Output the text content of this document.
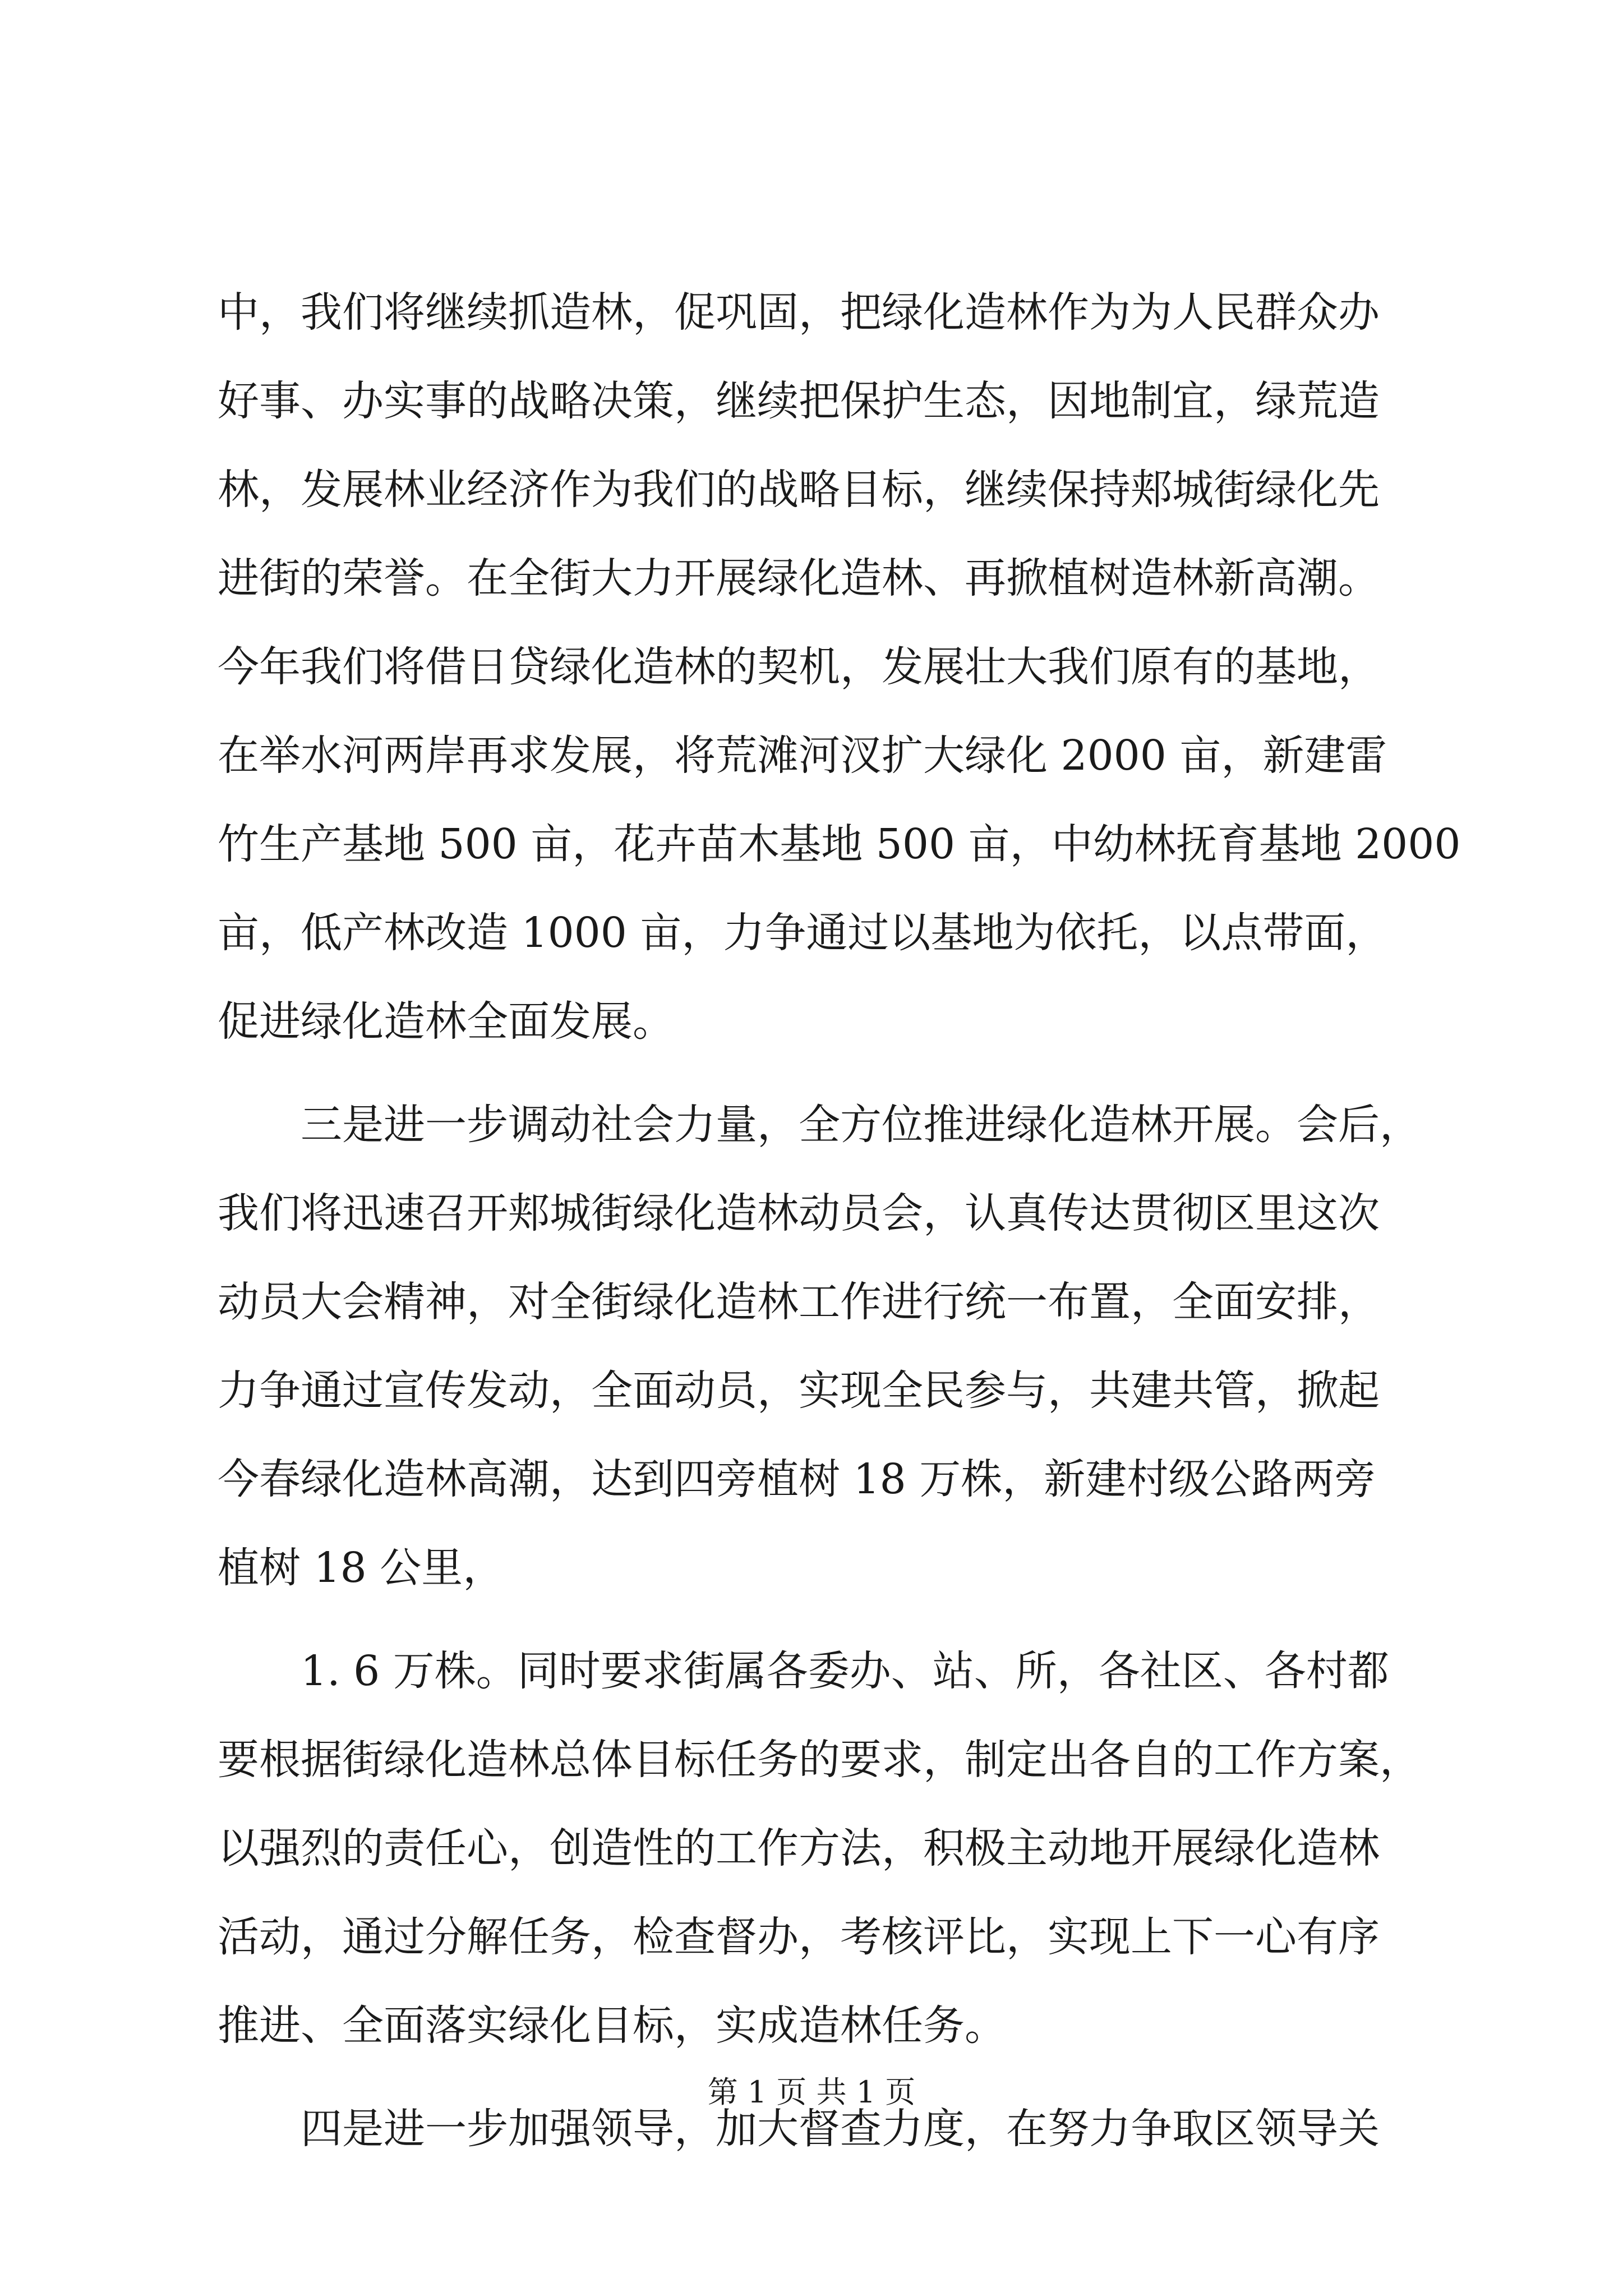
中，我们将继续抓造林，促巩固，把绿化造林作为为人民群众办
好事、办实事的战略决策，继续把保护生态，因地制宜，绿荒造
林，发展林业经济作为我们的战略目标，继续保持郏城街绿化先
进街的荣誉。在全街大力开展绿化造林、再掀植树造林新高潮。
今年我们将借日贷绿化造林的契机，发展壮大我们原有的基地，
在举水河两岸再求发展，将荒滩河汊扩大绿化 2000 亩，新建雷
竹生产基地 500 亩，花卉苗木基地 500 亩，中幼林抚育基地 2000
亩，低产林改造 1000 亩，力争通过以基地为依托，以点带面，
促进绿化造林全面发展。
三是进一步调动社会力量，全方位推进绿化造林开展。会后，
我们将迅速召开郏城街绿化造林动员会，认真传达贯彻区里这次
动员大会精神，对全街绿化造林工作进行统一布置，全面安排，
力争通过宣传发动，全面动员，实现全民参与，共建共管，掀起
今春绿化造林高潮，达到四旁植树 18 万株，新建村级公路两旁
植树 18 公里，
1. 6 万株。同时要求街属各委办、站、所，各社区、各村都
要根据街绿化造林总体目标任务的要求，制定出各自的工作方案，
以强烈的责任心，创造性的工作方法，积极主动地开展绿化造林
活动，通过分解任务，检查督办，考核评比，实现上下一心有序
推进、全面落实绿化目标，实成造林任务。
四是进一步加强领导，加大督查力度，在努力争取区领导关
第 1 页 共 1 页
